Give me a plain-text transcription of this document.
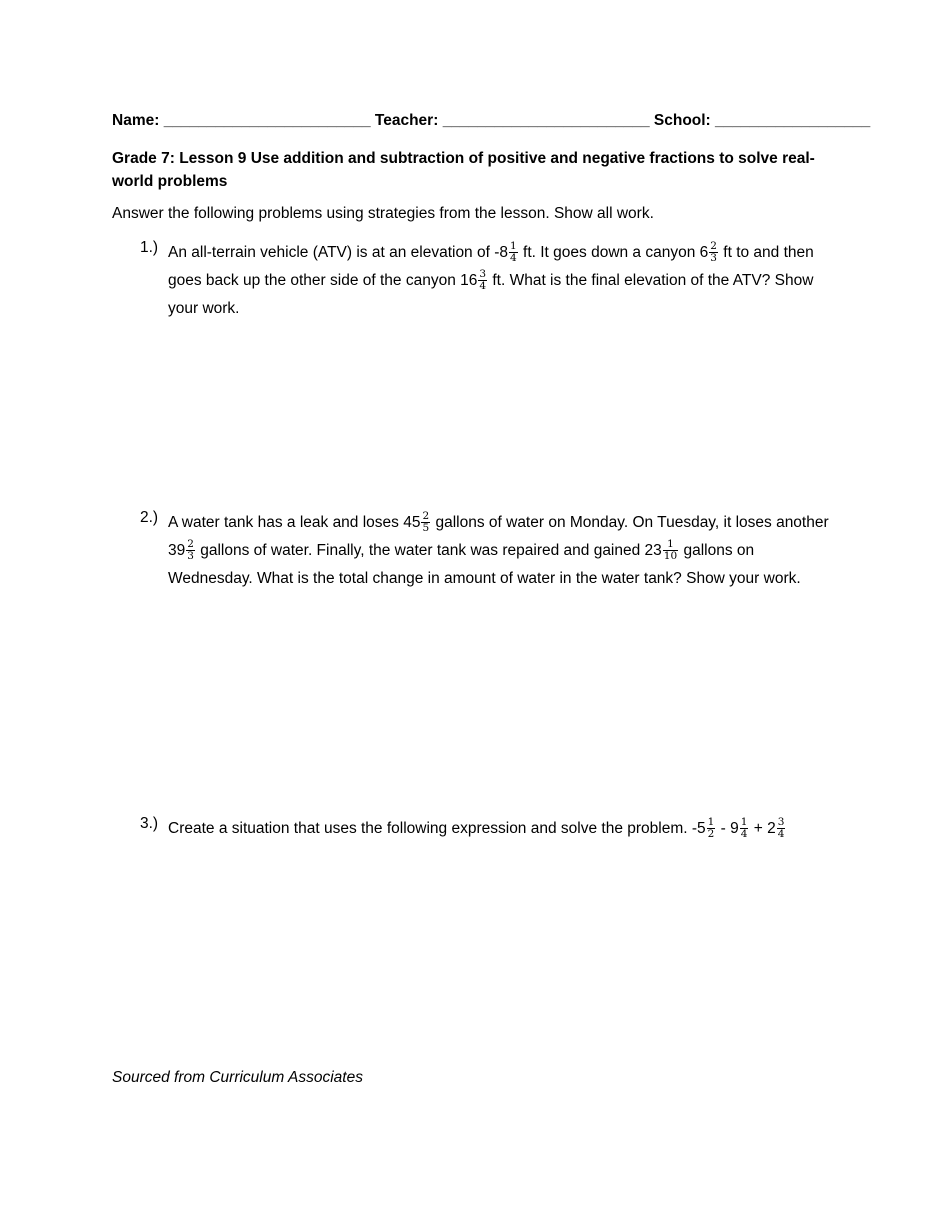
Name: ________________________ Teacher: ________________________ School: __________________
Grade 7: Lesson 9 Use addition and subtraction of positive and negative fractions to solve real-world problems
Answer the following problems using strategies from the lesson. Show all work.
1.) An all-terrain vehicle (ATV) is at an elevation of $-8 \frac{1}{4}$ ft. It goes down a canyon $6 \frac{2}{3}$ ft to and then goes back up the other side of the canyon $16 \frac{3}{4}$ ft. What is the final elevation of the ATV? Show your work.
2.) A water tank has a leak and loses $45 \frac{2}{5}$ gallons of water on Monday. On Tuesday, it loses another $39 \frac{2}{3}$ gallons of water. Finally, the water tank was repaired and gained $23 \frac{1}{10}$ gallons on Wednesday. What is the total change in amount of water in the water tank? Show your work.
3.) Create a situation that uses the following expression and solve the problem. $-5 \frac{1}{2} - 9 \frac{1}{4} + 2 \frac{3}{4}$
Sourced from Curriculum Associates
